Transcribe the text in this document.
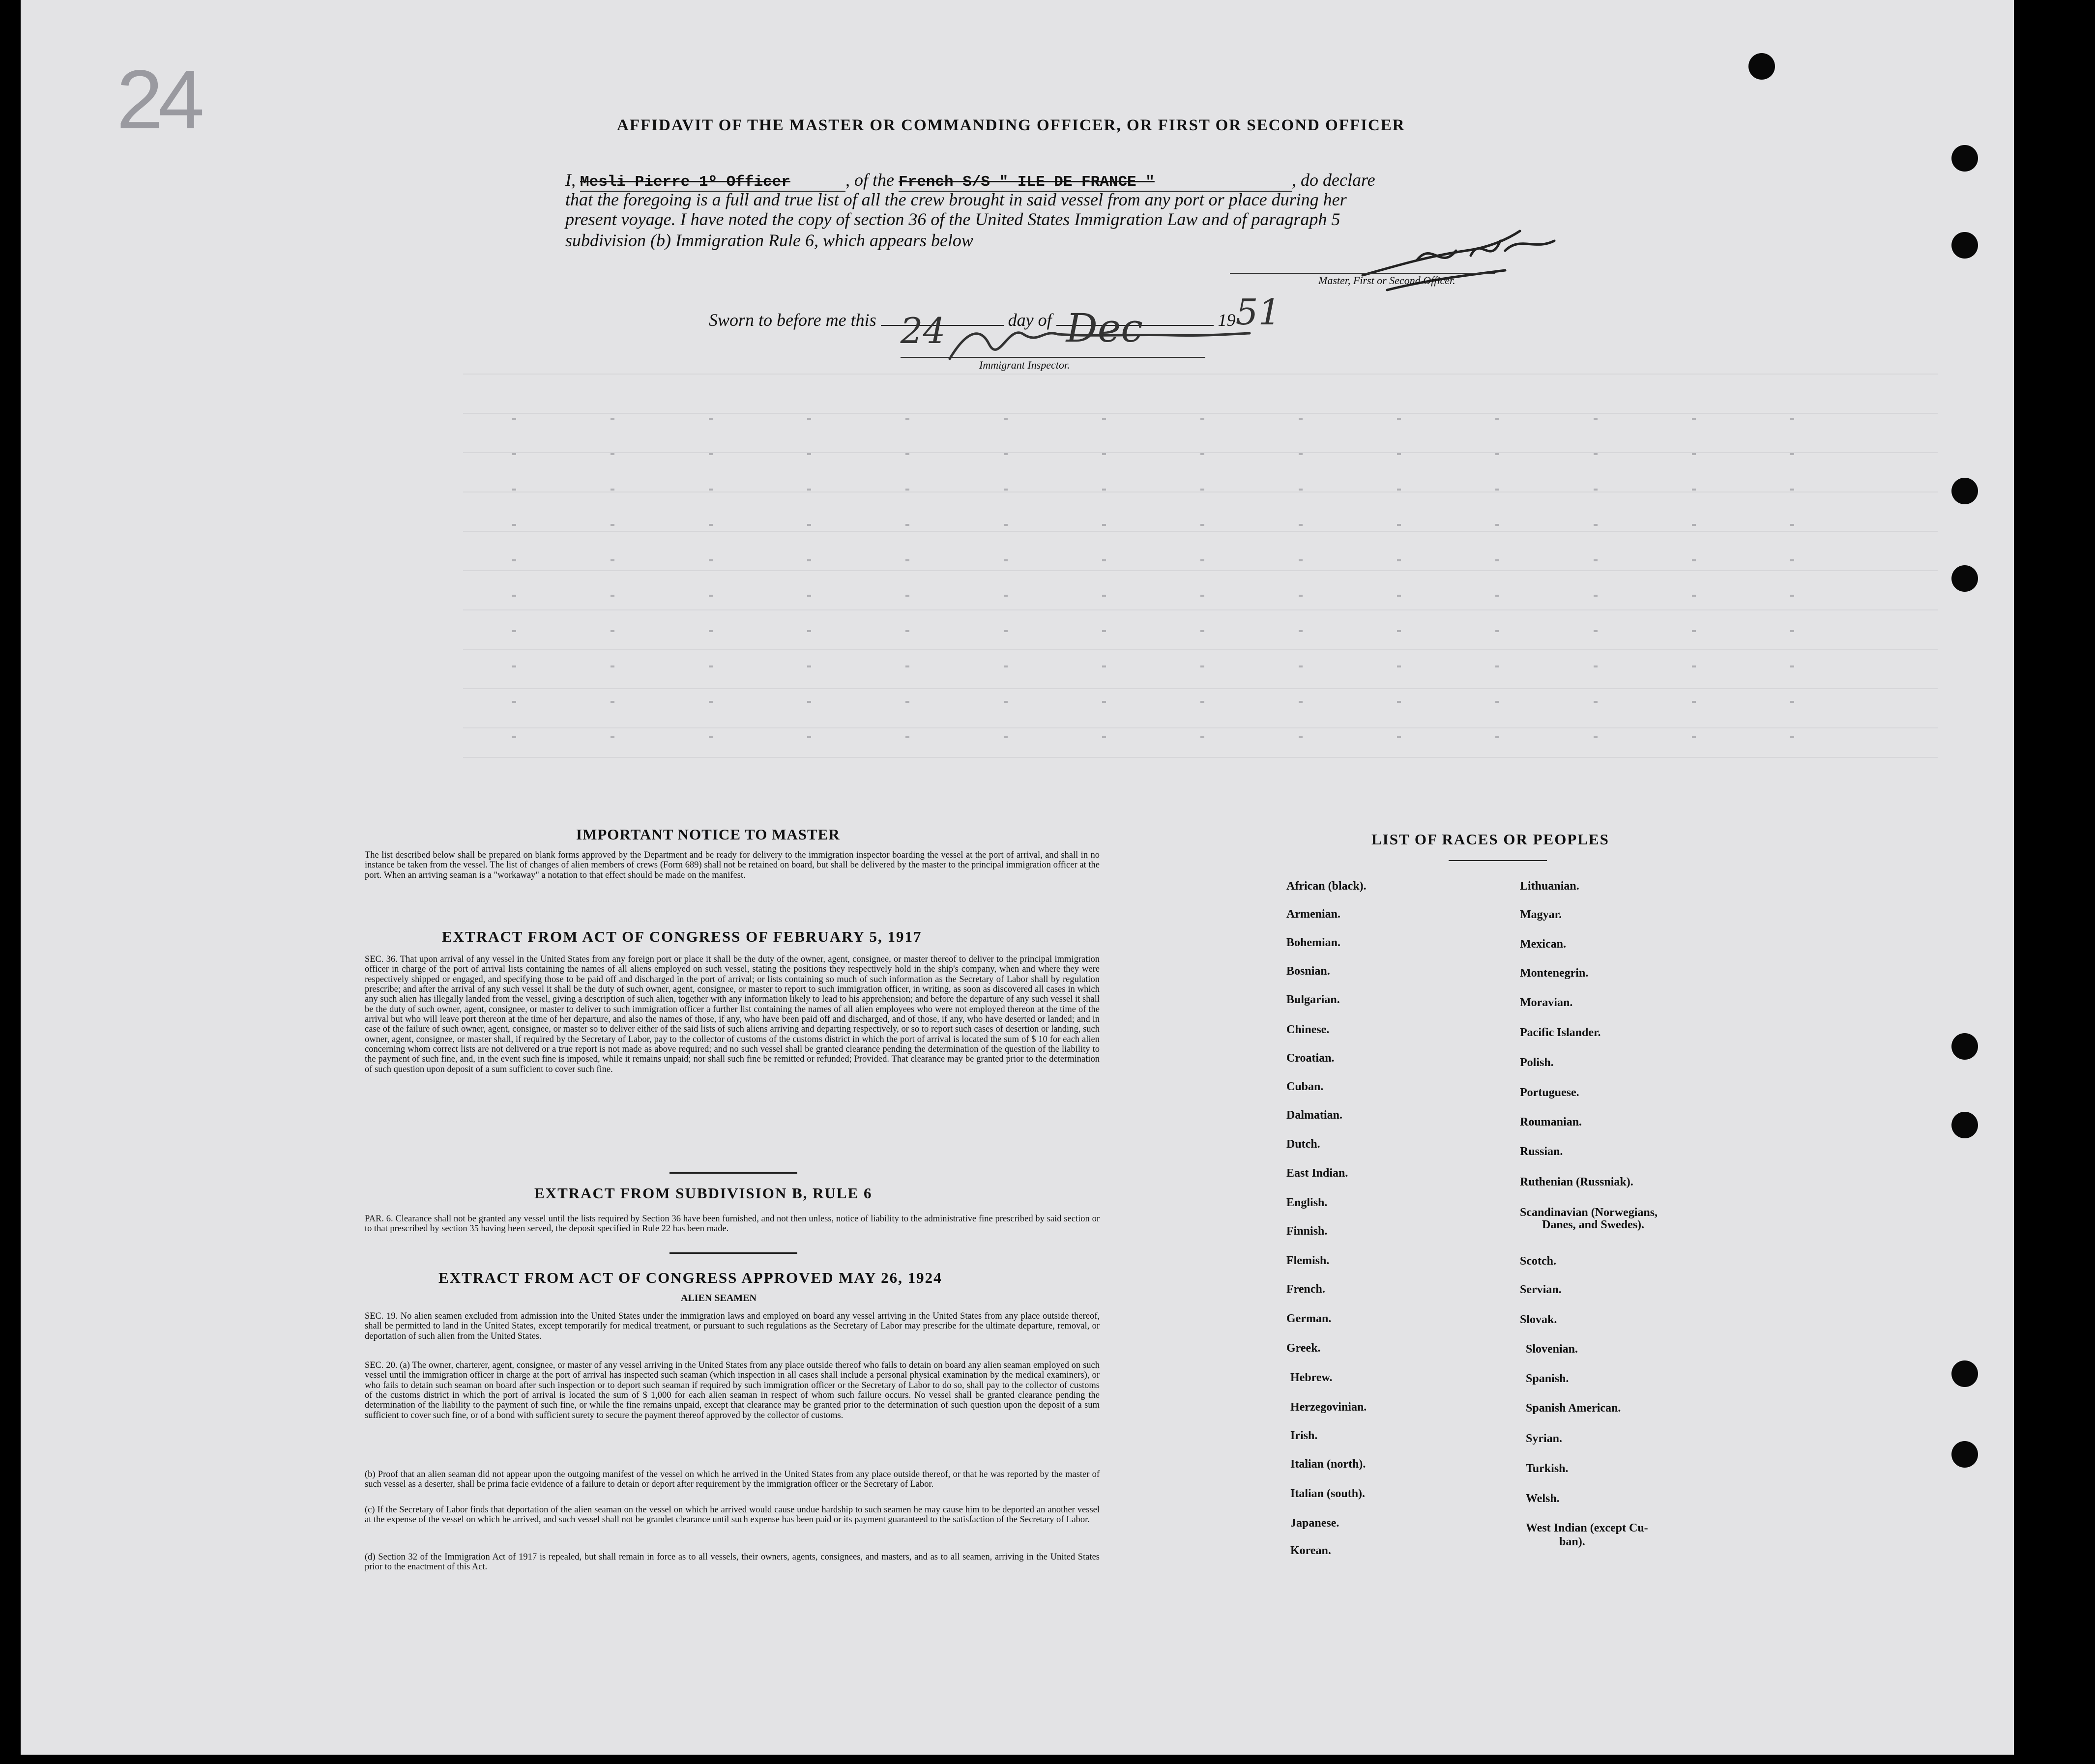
24	AFFIDAVIT OF THE MASTER OR COMMANDING OFFICER, OR FIRST OR SECOND OFFICER
I, Mesli Pierre 1º Officer	, of the French S/S " ILE DE FRANCE "	, do declare
that the foregoing is a full and true list of all the crew brought in said vessel from any port or place during her
present voyage. I have noted the copy of section 36 of the United States Immigration Law and of paragraph 5
subdivision (b) Immigration Rule 6, which appears below
Master, First or Second Officer.
Sworn to before me this 24	day of Dec	19 51
Immigrant Inspector.
IMPORTANT NOTICE TO MASTER
The list described below shall be prepared on blank forms approved by the Department and be ready for delivery to the immigration inspector boarding the vessel at the port of arrival, and shall in no instance be taken from the vessel. The list of changes of alien members of crews (Form 689) shall not be retained on board, but shall be delivered by the master to the principal immigration officer at the port. When an arriving seaman is a "workaway" a notation to that effect should be made on the manifest.
EXTRACT FROM ACT OF CONGRESS OF FEBRUARY 5, 1917
SEC. 36. That upon arrival of any vessel in the United States from any foreign port or place it shall be the duty of the owner, agent, consignee, or master thereof to deliver to the principal immigration officer in charge of the port of arrival lists containing the names of all aliens employed on such vessel, stating the positions they respectively hold in the ship's company, when and where they were respectively shipped or engaged, and specifying those to be paid off and discharged in the port of arrival; or lists containing so much of such information as the Secretary of Labor shall by regulation prescribe; and after the arrival of any such vessel it shall be the duty of such owner, agent, consignee, or master to report to such immigration officer, in writing, as soon as discovered all cases in which any such alien has illegally landed from the vessel, giving a description of such alien, together with any information likely to lead to his apprehension; and before the departure of any such vessel it shall be the duty of such owner, agent, consignee, or master to deliver to such immigration officer a further list containing the names of all alien employees who were not employed thereon at the time of the arrival but who will leave port thereon at the time of her departure, and also the names of those, if any, who have been paid off and discharged, and of those, if any, who have deserted or landed; and in case of the failure of such owner, agent, consignee, or master so to deliver either of the said lists of such aliens arriving and departing respectively, or so to report such cases of desertion or landing, such owner, agent, consignee, or master shall, if required by the Secretary of Labor, pay to the collector of customs of the customs district in which the port of arrival is located the sum of $ 10 for each alien concerning whom correct lists are not delivered or a true report is not made as above required; and no such vessel shall be granted clearance pending the determination of the question of the liability to the payment of such fine, and, in the event such fine is imposed, while it remains unpaid; nor shall such fine be remitted or refunded; Provided. That clearance may be granted prior to the determination of such question upon deposit of a sum sufficient to cover such fine.
EXTRACT FROM SUBDIVISION B, RULE 6
PAR. 6. Clearance shall not be granted any vessel until the lists required by Section 36 have been furnished, and not then unless, notice of liability to the administrative fine prescribed by said section or to that prescribed by section 35 having been served, the deposit specified in Rule 22 has been made.
EXTRACT FROM ACT OF CONGRESS APPROVED MAY 26, 1924
ALIEN SEAMEN
SEC. 19. No alien seamen excluded from admission into the United States under the immigration laws and employed on board any vessel arriving in the United States from any place outside thereof, shall be permitted to land in the United States, except temporarily for medical treatment, or pursuant to such regulations as the Secretary of Labor may prescribe for the ultimate departure, removal, or deportation of such alien from the United States.
SEC. 20. (a) The owner, charterer, agent, consignee, or master of any vessel arriving in the United States from any place outside thereof who fails to detain on board any alien seaman employed on such vessel until the immigration officer in charge at the port of arrival has inspected such seaman (which inspection in all cases shall include a personal physical examination by the medical examiners), or who fails to detain such seaman on board after such inspection or to deport such seaman if required by such immigration officer or the Secretary of Labor to do so, shall pay to the collector of customs of the customs district in which the port of arrival is located the sum of $ 1,000 for each alien seaman in respect of whom such failure occurs. No vessel shall be granted clearance pending the determination of the liability to the payment of such fine, or while the fine remains unpaid, except that clearance may be granted prior to the determination of such question upon the deposit of a sum sufficient to cover such fine, or of a bond with sufficient surety to secure the payment thereof approved by the collector of customs.
(b) Proof that an alien seaman did not appear upon the outgoing manifest of the vessel on which he arrived in the United States from any place outside thereof, or that he was reported by the master of such vessel as a deserter, shall be prima facie evidence of a failure to detain or deport after requirement by the immigration officer or the Secretary of Labor.
(c) If the Secretary of Labor finds that deportation of the alien seaman on the vessel on which he arrived would cause undue hardship to such seamen he may cause him to be deported an another vessel at the expense of the vessel on which he arrived, and such vessel shall not be grandet clearance until such expense has been paid or its payment guaranteed to the satisfaction of the Secretary of Labor.
(d) Section 32 of the Immigration Act of 1917 is repealed, but shall remain in force as to all vessels, their owners, agents, consignees, and masters, and as to all seamen, arriving in the United States prior to the enactment of this Act.
LIST OF RACES OR PEOPLES
African (black).
Armenian.
Bohemian.
Bosnian.
Bulgarian.
Chinese.
Croatian.
Cuban.
Dalmatian.
Dutch.
East Indian.
English.
Finnish.
Flemish.
French.
German.
Greek.
Hebrew.
Herzegovinian.
Irish.
Italian (north).
Italian (south).
Japanese.
Korean.
Lithuanian.
Magyar.
Mexican.
Montenegrin.
Moravian.
Pacific Islander.
Polish.
Portuguese.
Roumanian.
Russian.
Ruthenian (Russniak).
Scandinavian (Norwegians,
Danes, and Swedes).
Scotch.
Servian.
Slovak.
Slovenian.
Spanish.
Spanish American.
Syrian.
Turkish.
Welsh.
West Indian (except Cu-
ban).
